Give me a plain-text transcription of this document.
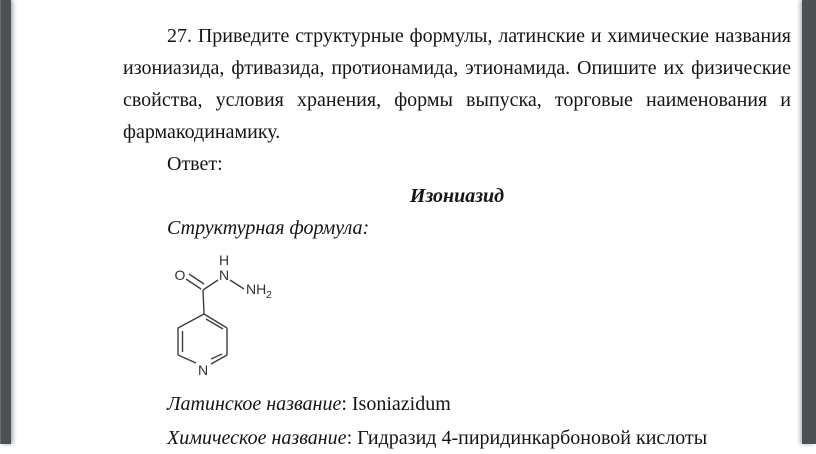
27. Приведите структурные формулы, латинские и химические названия
изониазида, фтивазида, протионамида, этионамида. Опишите их физические
свойства, условия хранения, формы выпуска, торговые наименования и
фармакодинамику.
Ответ:
Изониазид
Структурная формула:
O
H
N
NH 2
N
Латинское название: Isoniazidum
Химическое название: Гидразид 4-пиридинкарбоновой кислоты
